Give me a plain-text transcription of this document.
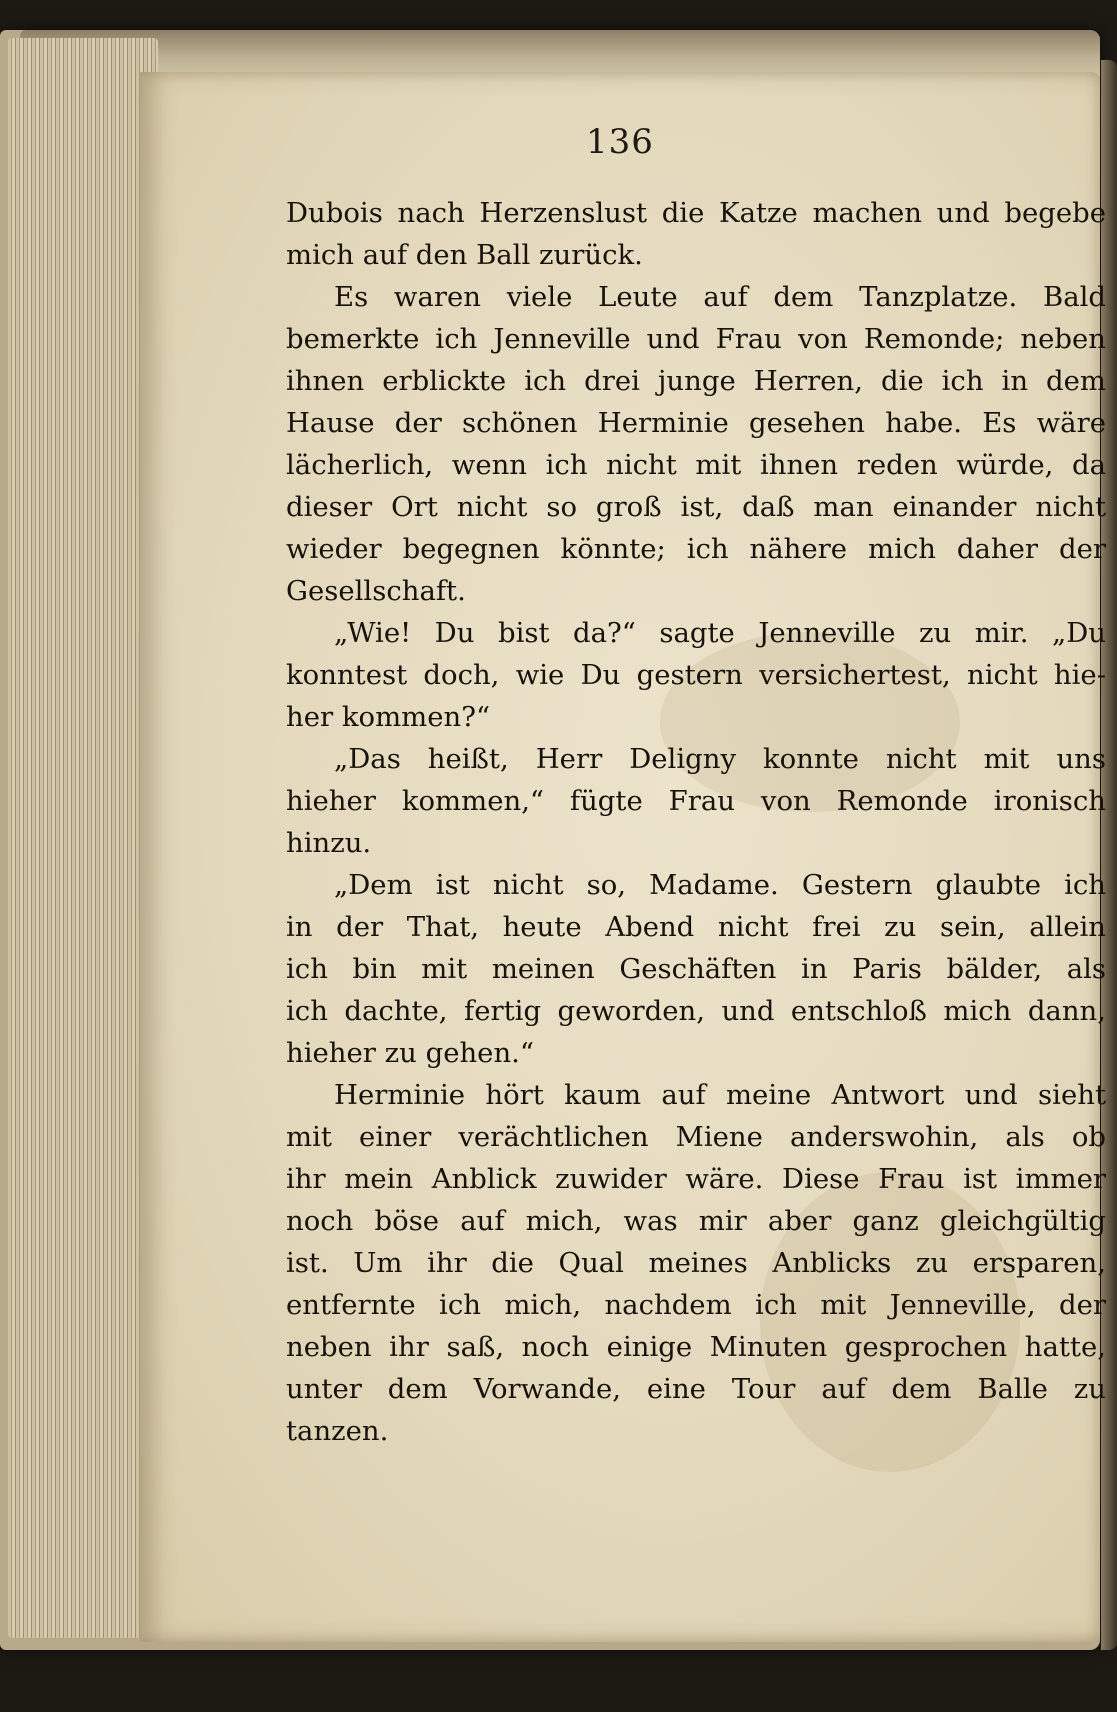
136
Dubois nach Herzenslust die Katze machen und begebe
mich auf den Ball zurück.
Es waren viele Leute auf dem Tanzplatze. Bald
bemerkte ich Jenneville und Frau von Remonde; neben
ihnen erblickte ich drei junge Herren, die ich in dem
Hause der schönen Herminie gesehen habe. Es wäre
lächerlich, wenn ich nicht mit ihnen reden würde, da
dieser Ort nicht so groß ist, daß man einander nicht
wieder begegnen könnte; ich nähere mich daher der
Gesellschaft.
„Wie! Du bist da?“ sagte Jenneville zu mir. „Du
konntest doch, wie Du gestern versichertest, nicht hie-
her kommen?“
„Das heißt, Herr Deligny konnte nicht mit uns
hieher kommen,“ fügte Frau von Remonde ironisch
hinzu.
„Dem ist nicht so, Madame. Gestern glaubte ich
in der That, heute Abend nicht frei zu sein, allein
ich bin mit meinen Geschäften in Paris bälder, als
ich dachte, fertig geworden, und entschloß mich dann,
hieher zu gehen.“
Herminie hört kaum auf meine Antwort und sieht
mit einer verächtlichen Miene anderswohin, als ob
ihr mein Anblick zuwider wäre. Diese Frau ist immer
noch böse auf mich, was mir aber ganz gleichgültig
ist. Um ihr die Qual meines Anblicks zu ersparen,
entfernte ich mich, nachdem ich mit Jenneville, der
neben ihr saß, noch einige Minuten gesprochen hatte,
unter dem Vorwande, eine Tour auf dem Balle zu
tanzen.
